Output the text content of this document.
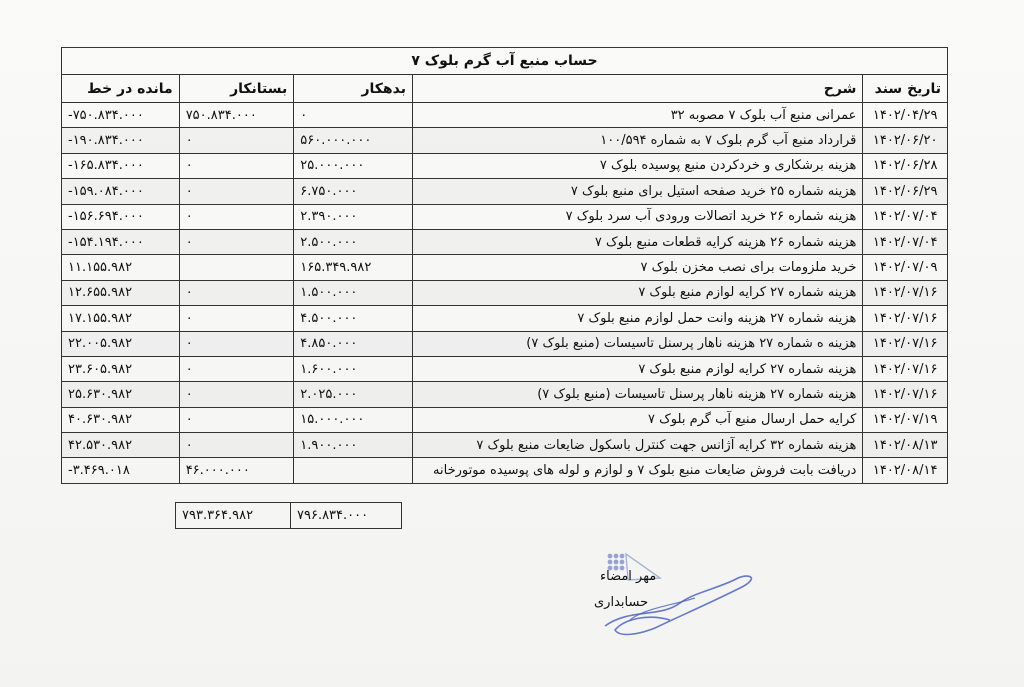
حساب منبع آب گرم بلوک ۷				
تاریخ سند	شرح	بدهکار	بستانکار	مانده در خط
۱۴۰۲/۰۴/۲۹	عمرانی منبع آب بلوک ۷ مصوبه ۳۲	۰	۷۵۰.۸۳۴.۰۰۰	-۷۵۰.۸۳۴.۰۰۰
۱۴۰۲/۰۶/۲۰	قرارداد منبع آب گرم بلوک ۷ به شماره ۱۰۰/۵۹۴	۵۶۰.۰۰۰.۰۰۰	۰	-۱۹۰.۸۳۴.۰۰۰
۱۴۰۲/۰۶/۲۸	هزینه برشکاری و خردکردن منبع پوسیده بلوک ۷	۲۵.۰۰۰.۰۰۰	۰	-۱۶۵.۸۳۴.۰۰۰
۱۴۰۲/۰۶/۲۹	هزینه شماره ۲۵ خرید صفحه استیل برای منبع بلوک ۷	۶.۷۵۰.۰۰۰	۰	-۱۵۹.۰۸۴.۰۰۰
۱۴۰۲/۰۷/۰۴	هزینه شماره ۲۶ خرید اتصالات ورودی آب سرد بلوک ۷	۲.۳۹۰.۰۰۰	۰	-۱۵۶.۶۹۴.۰۰۰
۱۴۰۲/۰۷/۰۴	هزینه شماره ۲۶ هزینه کرایه قطعات منبع بلوک ۷	۲.۵۰۰.۰۰۰	۰	-۱۵۴.۱۹۴.۰۰۰
۱۴۰۲/۰۷/۰۹	خرید ملزومات برای نصب مخزن بلوک ۷	۱۶۵.۳۴۹.۹۸۲		۱۱.۱۵۵.۹۸۲
۱۴۰۲/۰۷/۱۶	هزینه شماره ۲۷ کرایه لوازم منبع بلوک ۷	۱.۵۰۰.۰۰۰	۰	۱۲.۶۵۵.۹۸۲
۱۴۰۲/۰۷/۱۶	هزینه شماره ۲۷ هزینه وانت حمل لوازم منبع بلوک ۷	۴.۵۰۰.۰۰۰	۰	۱۷.۱۵۵.۹۸۲
۱۴۰۲/۰۷/۱۶	هزینه ه شماره ۲۷ هزینه ناهار پرسنل تاسیسات (منبع بلوک ۷)	۴.۸۵۰.۰۰۰	۰	۲۲.۰۰۵.۹۸۲
۱۴۰۲/۰۷/۱۶	هزینه شماره ۲۷ کرایه لوازم منبع بلوک ۷	۱.۶۰۰.۰۰۰	۰	۲۳.۶۰۵.۹۸۲
۱۴۰۲/۰۷/۱۶	هزینه شماره ۲۷ هزینه ناهار پرسنل تاسیسات (منبع بلوک ۷)	۲.۰۲۵.۰۰۰	۰	۲۵.۶۳۰.۹۸۲
۱۴۰۲/۰۷/۱۹	کرایه حمل ارسال منبع آب گرم بلوک ۷	۱۵.۰۰۰.۰۰۰	۰	۴۰.۶۳۰.۹۸۲
۱۴۰۲/۰۸/۱۳	هزینه شماره ۳۲ کرایه آژانس جهت کنترل باسکول ضایعات منبع بلوک ۷	۱.۹۰۰.۰۰۰	۰	۴۲.۵۳۰.۹۸۲
۱۴۰۲/۰۸/۱۴	دریافت بابت فروش ضایعات منبع بلوک ۷ و لوازم و لوله های پوسیده موتورخانه		۴۶.۰۰۰.۰۰۰	-۳.۴۶۹.۰۱۸
۷۹۶.۸۳۴.۰۰۰	۷۹۳.۳۶۴.۹۸۲
مهر امضاء
حسابداری
